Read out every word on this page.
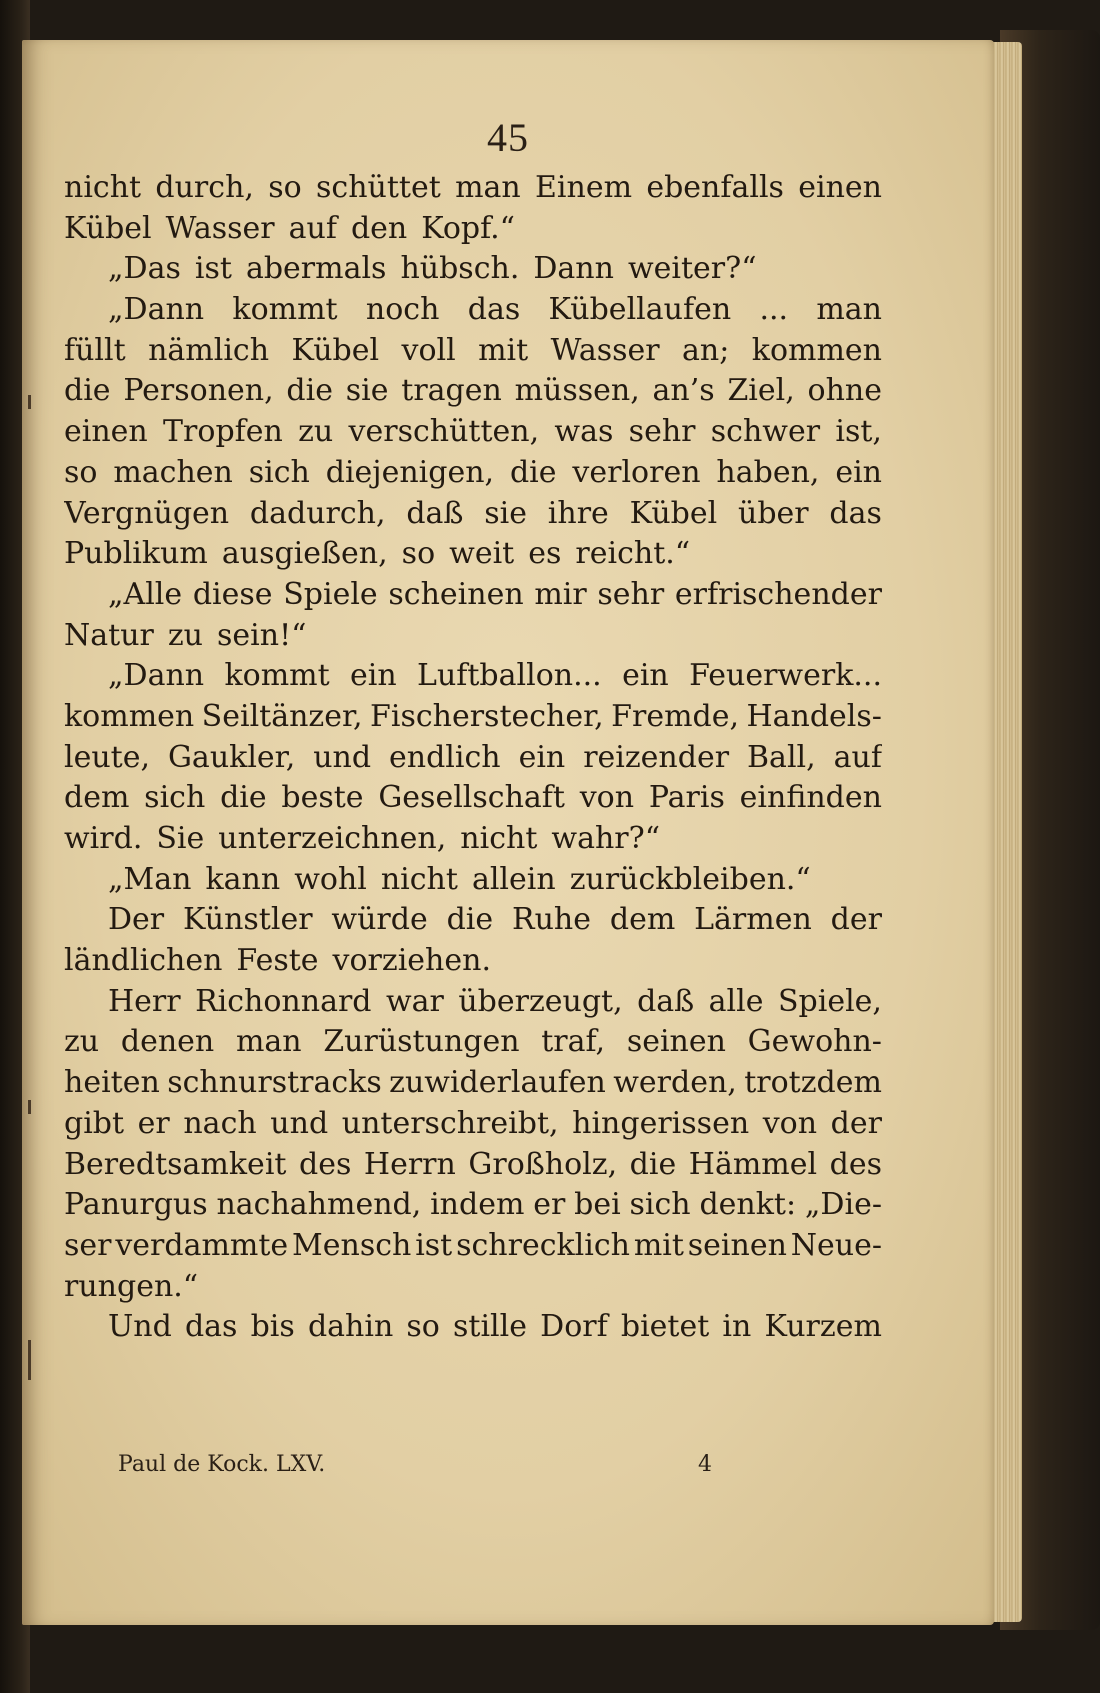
45
nicht durch, so schüttet man Einem ebenfalls einen
Kübel Wasser auf den Kopf.“
„Das ist abermals hübsch. Dann weiter?“
„Dann kommt noch das Kübellaufen ... man
füllt nämlich Kübel voll mit Wasser an; kommen
die Personen, die sie tragen müssen, an’s Ziel, ohne
einen Tropfen zu verschütten, was sehr schwer ist,
so machen sich diejenigen, die verloren haben, ein
Vergnügen dadurch, daß sie ihre Kübel über das
Publikum ausgießen, so weit es reicht.“
„Alle diese Spiele scheinen mir sehr erfrischender
Natur zu sein!“
„Dann kommt ein Luftballon... ein Feuerwerk...
kommen Seiltänzer, Fischerstecher, Fremde, Handels-
leute, Gaukler, und endlich ein reizender Ball, auf
dem sich die beste Gesellschaft von Paris einfinden
wird. Sie unterzeichnen, nicht wahr?“
„Man kann wohl nicht allein zurückbleiben.“
Der Künstler würde die Ruhe dem Lärmen der
ländlichen Feste vorziehen.
Herr Richonnard war überzeugt, daß alle Spiele,
zu denen man Zurüstungen traf, seinen Gewohn-
heiten schnurstracks zuwiderlaufen werden, trotzdem
gibt er nach und unterschreibt, hingerissen von der
Beredtsamkeit des Herrn Großholz, die Hämmel des
Panurgus nachahmend, indem er bei sich denkt: „Die-
ser verdammte Mensch ist schrecklich mit seinen Neue-
rungen.“
Und das bis dahin so stille Dorf bietet in Kurzem
Paul de Kock. LXV.	4
